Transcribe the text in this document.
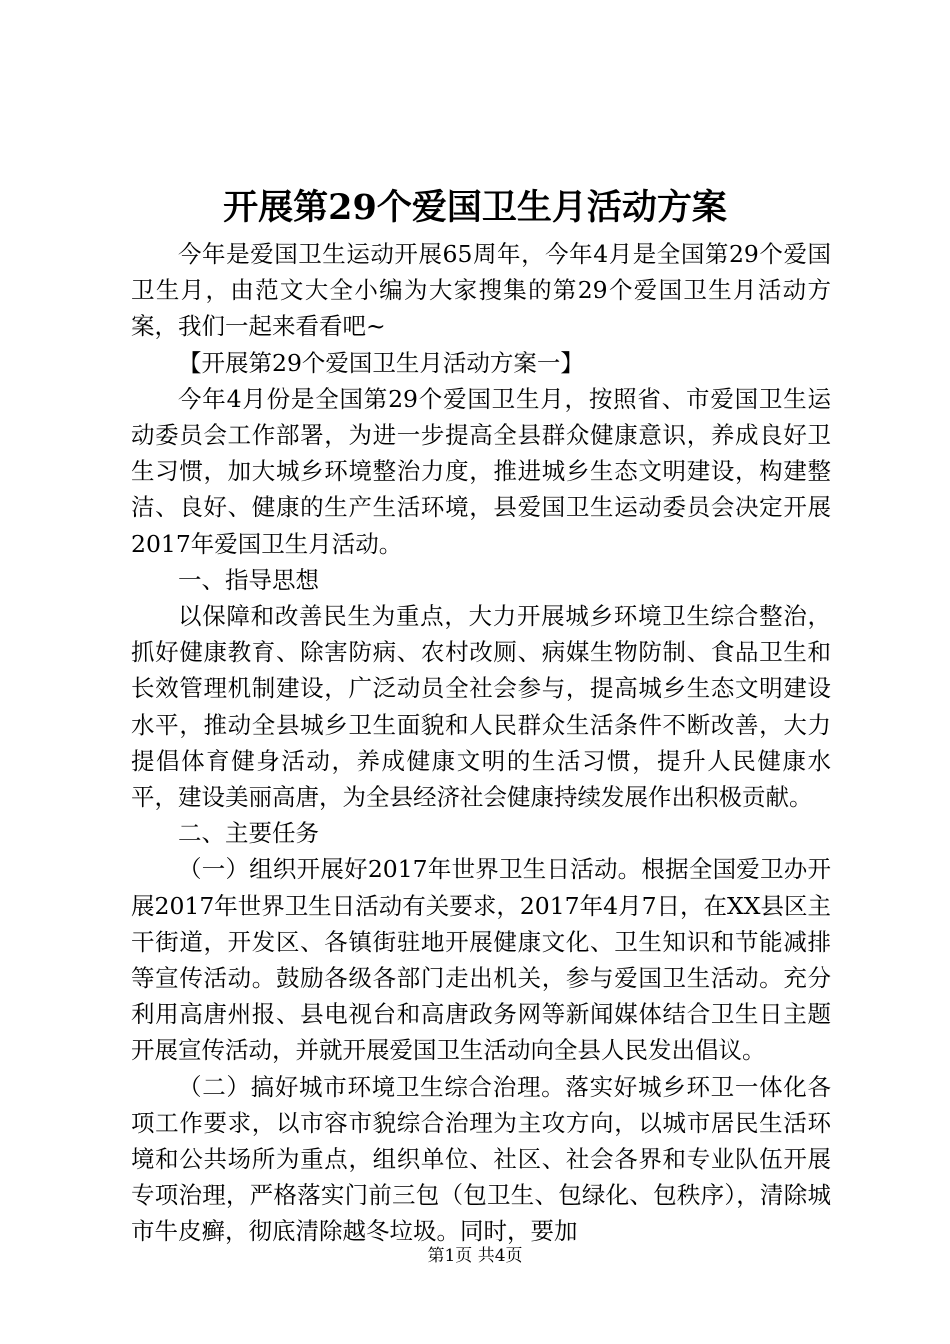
开展第29个爱国卫生月活动方案

今年是爱国卫生运动开展65周年，今年4月是全国第29个爱国卫生月，由范文大全小编为大家搜集的第29个爱国卫生月活动方案，我们一起来看看吧~

【开展第29个爱国卫生月活动方案一】

今年4月份是全国第29个爱国卫生月，按照省、市爱国卫生运动委员会工作部署，为进一步提高全县群众健康意识，养成良好卫生习惯，加大城乡环境整治力度，推进城乡生态文明建设，构建整洁、良好、健康的生产生活环境，县爱国卫生运动委员会决定开展2017年爱国卫生月活动。

一、指导思想

以保障和改善民生为重点，大力开展城乡环境卫生综合整治，抓好健康教育、除害防病、农村改厕、病媒生物防制、食品卫生和长效管理机制建设，广泛动员全社会参与，提高城乡生态文明建设水平，推动全县城乡卫生面貌和人民群众生活条件不断改善，大力提倡体育健身活动，养成健康文明的生活习惯，提升人民健康水平，建设美丽高唐，为全县经济社会健康持续发展作出积极贡献。

二、主要任务

（一）组织开展好2017年世界卫生日活动。根据全国爱卫办开展2017年世界卫生日活动有关要求，2017年4月7日，在XX县区主干街道，开发区、各镇街驻地开展健康文化、卫生知识和节能减排等宣传活动。鼓励各级各部门走出机关，参与爱国卫生活动。充分利用高唐州报、县电视台和高唐政务网等新闻媒体结合卫生日主题开展宣传活动，并就开展爱国卫生活动向全县人民发出倡议。

（二）搞好城市环境卫生综合治理。落实好城乡环卫一体化各项工作要求，以市容市貌综合治理为主攻方向，以城市居民生活环境和公共场所为重点，组织单位、社区、社会各界和专业队伍开展专项治理，严格落实门前三包（包卫生、包绿化、包秩序），清除城市牛皮癣，彻底清除越冬垃圾。同时，要加

第1页 共4页
